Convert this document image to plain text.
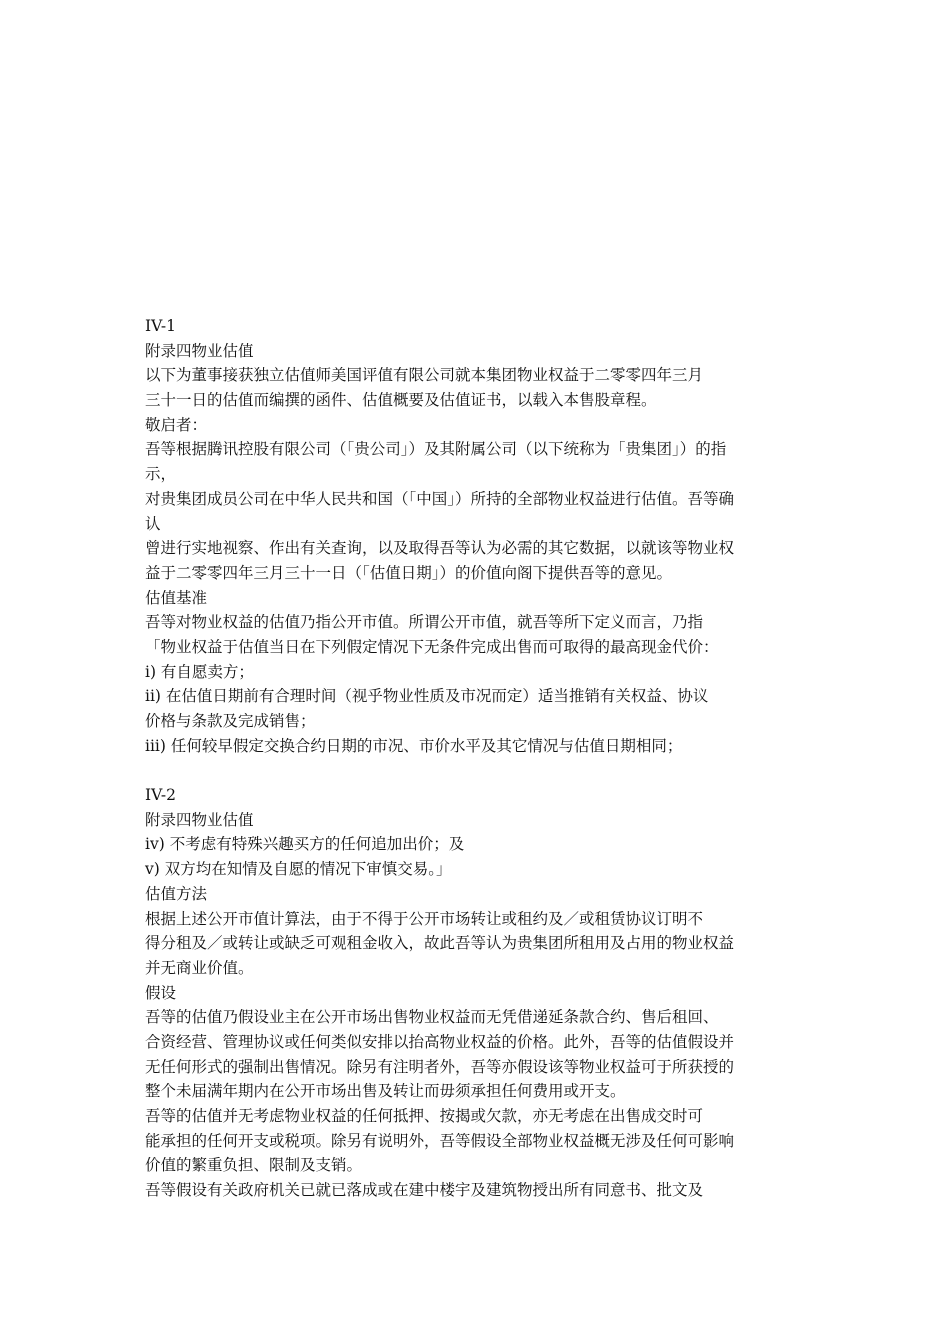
IV-1
附录四物业估值
以下为董事接获独立估值师美国评值有限公司就本集团物业权益于二零零四年三月
三十一日的估值而编撰的函件、估值概要及估值证书，以载入本售股章程。
敬启者：
吾等根据腾讯控股有限公司（「贵公司」）及其附属公司（以下统称为「贵集团」）的指
示，
对贵集团成员公司在中华人民共和国（「中国」）所持的全部物业权益进行估值。吾等确
认
曾进行实地视察、作出有关查询，以及取得吾等认为必需的其它数据，以就该等物业权
益于二零零四年三月三十一日（「估值日期」）的价值向阁下提供吾等的意见。
估值基准
吾等对物业权益的估值乃指公开市值。所谓公开市值，就吾等所下定义而言，乃指
「物业权益于估值当日在下列假定情况下无条件完成出售而可取得的最高现金代价：
i) 有自愿卖方；
ii) 在估值日期前有合理时间（视乎物业性质及市况而定）适当推销有关权益、协议
价格与条款及完成销售；
iii) 任何较早假定交换合约日期的市况、市价水平及其它情况与估值日期相同；
IV-2
附录四物业估值
iv) 不考虑有特殊兴趣买方的任何追加出价；及
v) 双方均在知情及自愿的情况下审慎交易。」
估值方法
根据上述公开市值计算法，由于不得于公开市场转让或租约及／或租赁协议订明不
得分租及／或转让或缺乏可观租金收入，故此吾等认为贵集团所租用及占用的物业权益
并无商业价值。
假设
吾等的估值乃假设业主在公开市场出售物业权益而无凭借递延条款合约、售后租回、
合资经营、管理协议或任何类似安排以抬高物业权益的价格。此外，吾等的估值假设并
无任何形式的强制出售情况。除另有注明者外，吾等亦假设该等物业权益可于所获授的
整个未届满年期内在公开市场出售及转让而毋须承担任何费用或开支。
吾等的估值并无考虑物业权益的任何抵押、按揭或欠款，亦无考虑在出售成交时可
能承担的任何开支或税项。除另有说明外，吾等假设全部物业权益概无涉及任何可影响
价值的繁重负担、限制及支销。
吾等假设有关政府机关已就已落成或在建中楼宇及建筑物授出所有同意书、批文及
